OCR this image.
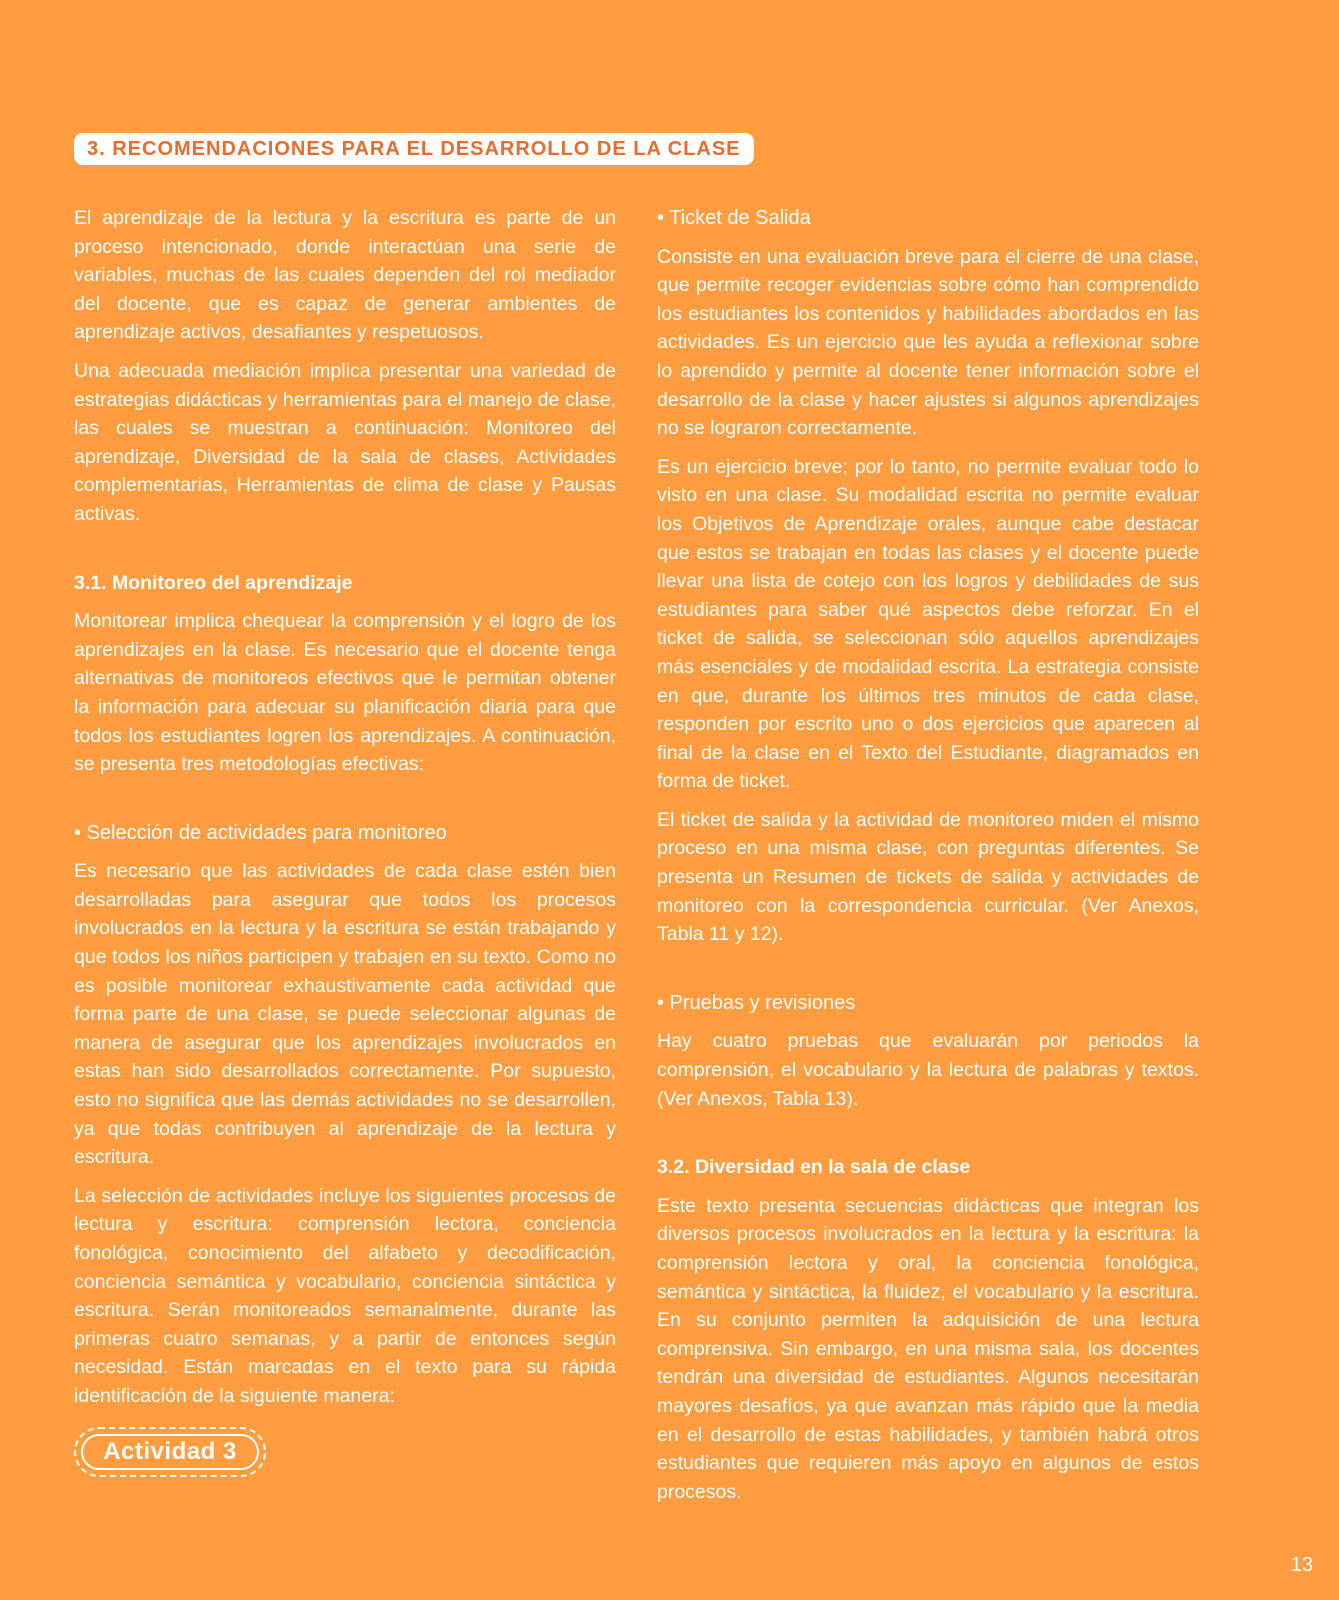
3. RECOMENDACIONES PARA EL DESARROLLO DE LA CLASE

El aprendizaje de la lectura y la escritura es parte de un proceso intencionado, donde interactúan una serie de variables, muchas de las cuales dependen del rol mediador del docente, que es capaz de generar ambientes de aprendizaje activos, desafiantes y respetuosos.

Una adecuada mediación implica presentar una variedad de estrategias didácticas y herramientas para el manejo de clase, las cuales se muestran a continuación: Monitoreo del aprendizaje, Diversidad de la sala de clases, Actividades complementarias, Herramientas de clima de clase y Pausas activas.

3.1. Monitoreo del aprendizaje

Monitorear implica chequear la comprensión y el logro de los aprendizajes en la clase. Es necesario que el docente tenga alternativas de monitoreos efectivos que le permitan obtener la información para adecuar su planificación diaria para que todos los estudiantes logren los aprendizajes. A continuación, se presenta tres metodologías efectivas:

• Selección de actividades para monitoreo

Es necesario que las actividades de cada clase estén bien desarrolladas para asegurar que todos los procesos involucrados en la lectura y la escritura se están trabajando y que todos los niños participen y trabajen en su texto. Como no es posible monitorear exhaustivamente cada actividad que forma parte de una clase, se puede seleccionar algunas de manera de asegurar que los aprendizajes involucrados en estas han sido desarrollados correctamente. Por supuesto, esto no significa que las demás actividades no se desarrollen, ya que todas contribuyen al aprendizaje de la lectura y escritura.

La selección de actividades incluye los siguientes procesos de lectura y escritura: comprensión lectora, conciencia fonológica, conocimiento del alfabeto y decodificación, conciencia semántica y vocabulario, conciencia sintáctica y escritura. Serán monitoreados semanalmente, durante las primeras cuatro semanas, y a partir de entonces según necesidad. Están marcadas en el texto para su rápida identificación de la siguiente manera:

Actividad 3
• Ticket de Salida

Consiste en una evaluación breve para el cierre de una clase, que permite recoger evidencias sobre cómo han comprendido los estudiantes los contenidos y habilidades abordados en las actividades. Es un ejercicio que les ayuda a reflexionar sobre lo aprendido y permite al docente tener información sobre el desarrollo de la clase y hacer ajustes si algunos aprendizajes no se lograron correctamente.

Es un ejercicio breve; por lo tanto, no permite evaluar todo lo visto en una clase. Su modalidad escrita no permite evaluar los Objetivos de Aprendizaje orales, aunque cabe destacar que estos se trabajan en todas las clases y el docente puede llevar una lista de cotejo con los logros y debilidades de sus estudiantes para saber qué aspectos debe reforzar. En el ticket de salida, se seleccionan sólo aquellos aprendizajes más esenciales y de modalidad escrita. La estrategia consiste en que, durante los últimos tres minutos de cada clase, responden por escrito uno o dos ejercicios que aparecen al final de la clase en el Texto del Estudiante, diagramados en forma de ticket.

El ticket de salida y la actividad de monitoreo miden el mismo proceso en una misma clase, con preguntas diferentes. Se presenta un Resumen de tickets de salida y actividades de monitoreo con la correspondencia curricular. (Ver Anexos, Tabla 11 y 12).

• Pruebas y revisiones

Hay cuatro pruebas que evaluarán por periodos la comprensión, el vocabulario y la lectura de palabras y textos. (Ver Anexos, Tabla 13).

3.2. Diversidad en la sala de clase

Este texto presenta secuencias didácticas que integran los diversos procesos involucrados en la lectura y la escritura: la comprensión lectora y oral, la conciencia fonológica, semántica y sintáctica, la fluidez, el vocabulario y la escritura. En su conjunto permiten la adquisición de una lectura comprensiva. Sin embargo, en una misma sala, los docentes tendrán una diversidad de estudiantes. Algunos necesitarán mayores desafíos, ya que avanzan más rápido que la media en el desarrollo de estas habilidades, y también habrá otros estudiantes que requieren más apoyo en algunos de estos procesos.

13
